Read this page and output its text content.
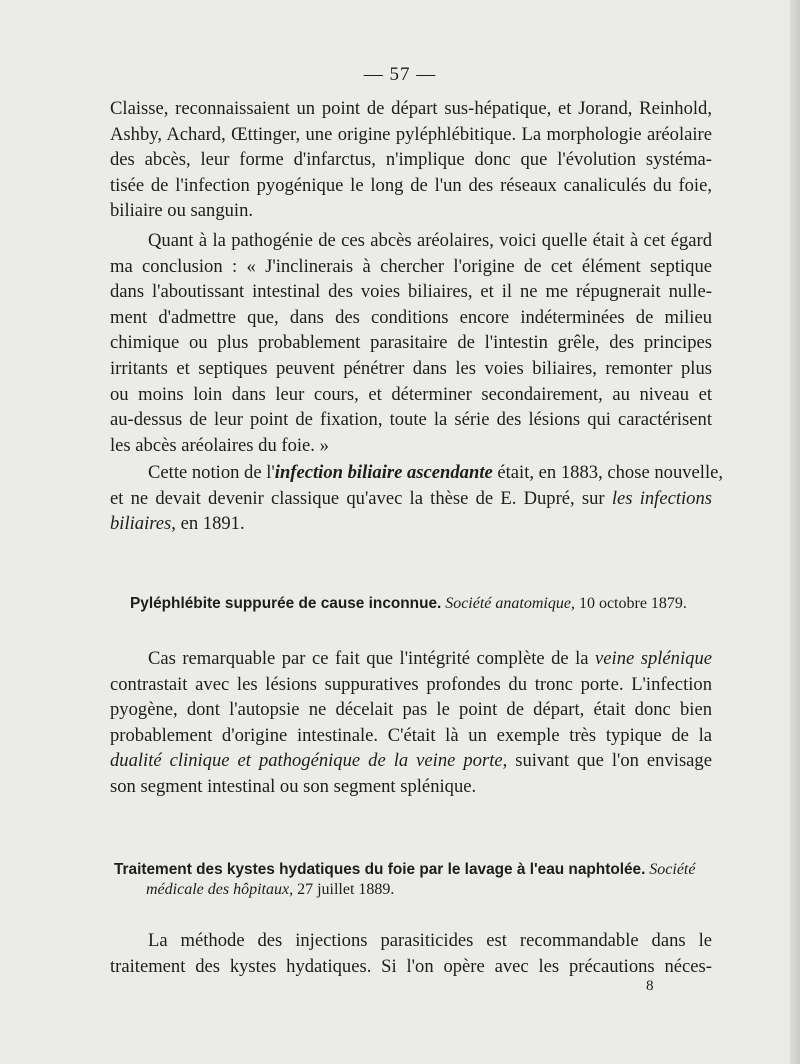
— 57 —

Claisse, reconnaissaient un point de départ sus-hépatique, et Jorand, Reinhold,
Ashby, Achard, Œttinger, une origine pyléphlébitique. La morphologie aréolaire
des abcès, leur forme d'infarctus, n'implique donc que l'évolution systéma-
tisée de l'infection pyogénique le long de l'un des réseaux canaliculés du foie,
biliaire ou sanguin.

Quant à la pathogénie de ces abcès aréolaires, voici quelle était à cet égard
ma conclusion : « J'inclinerais à chercher l'origine de cet élément septique
dans l'aboutissant intestinal des voies biliaires, et il ne me répugnerait nulle-
ment d'admettre que, dans des conditions encore indéterminées de milieu
chimique ou plus probablement parasitaire de l'intestin grêle, des principes
irritants et septiques peuvent pénétrer dans les voies biliaires, remonter plus
ou moins loin dans leur cours, et déterminer secondairement, au niveau et
au-dessus de leur point de fixation, toute la série des lésions qui caractérisent
les abcès aréolaires du foie. »

Cette notion de l'infection biliaire ascendante était, en 1883, chose nouvelle,
et ne devait devenir classique qu'avec la thèse de E. Dupré, sur les infections
biliaires, en 1891.

Pyléphlébite suppurée de cause inconnue. Société anatomique, 10 octobre 1879.

Cas remarquable par ce fait que l'intégrité complète de la veine splénique
contrastait avec les lésions suppuratives profondes du tronc porte. L'infection
pyogène, dont l'autopsie ne décelait pas le point de départ, était donc bien
probablement d'origine intestinale. C'était là un exemple très typique de la
dualité clinique et pathogénique de la veine porte, suivant que l'on envisage
son segment intestinal ou son segment splénique.

Traitement des kystes hydatiques du foie par le lavage à l'eau naphtolée. Société
médicale des hôpitaux, 27 juillet 1889.

La méthode des injections parasiticides est recommandable dans le
traitement des kystes hydatiques. Si l'on opère avec les précautions néces-

8
